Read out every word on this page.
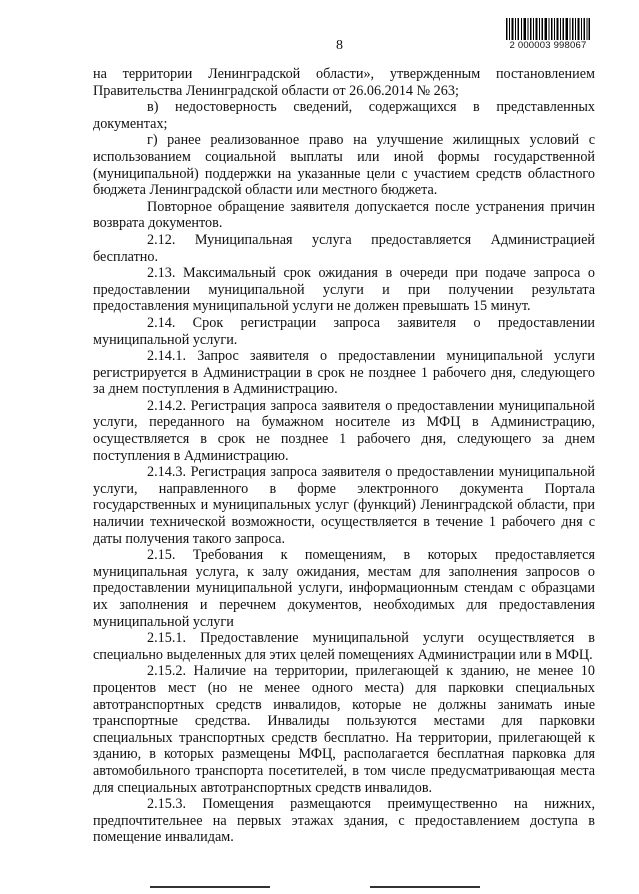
8	2 000003 998067

на территории Ленинградской области», утвержденным постановлением Правительства Ленинградской области от 26.06.2014 № 263;

в) недостоверность сведений, содержащихся в представленных документах;

г) ранее реализованное право на улучшение жилищных условий с использованием социальной выплаты или иной формы государственной (муниципальной) поддержки на указанные цели с участием средств областного бюджета Ленинградской области или местного бюджета.

Повторное обращение заявителя допускается после устранения причин возврата документов.

2.12. Муниципальная услуга предоставляется Администрацией бесплатно.

2.13. Максимальный срок ожидания в очереди при подаче запроса о предоставлении муниципальной услуги и при получении результата предоставления муниципальной услуги не должен превышать 15 минут.

2.14. Срок регистрации запроса заявителя о предоставлении муниципальной услуги.

2.14.1. Запрос заявителя о предоставлении муниципальной услуги регистрируется в Администрации в срок не позднее 1 рабочего дня, следующего за днем поступления в Администрацию.

2.14.2. Регистрация запроса заявителя о предоставлении муниципальной услуги, переданного на бумажном носителе из МФЦ в Администрацию, осуществляется в срок не позднее 1 рабочего дня, следующего за днем поступления в Администрацию.

2.14.3. Регистрация запроса заявителя о предоставлении муниципальной услуги, направленного в форме электронного документа Портала государственных и муниципальных услуг (функций) Ленинградской области, при наличии технической возможности, осуществляется в течение 1 рабочего дня с даты получения такого запроса.

2.15. Требования к помещениям, в которых предоставляется муниципальная услуга, к залу ожидания, местам для заполнения запросов о предоставлении муниципальной услуги, информационным стендам с образцами их заполнения и перечнем документов, необходимых для предоставления муниципальной услуги

2.15.1. Предоставление муниципальной услуги осуществляется в специально выделенных для этих целей помещениях Администрации или в МФЦ.

2.15.2. Наличие на территории, прилегающей к зданию, не менее 10 процентов мест (но не менее одного места) для парковки специальных автотранспортных средств инвалидов, которые не должны занимать иные транспортные средства. Инвалиды пользуются местами для парковки специальных транспортных средств бесплатно. На территории, прилегающей к зданию, в которых размещены МФЦ, располагается бесплатная парковка для автомобильного транспорта посетителей, в том числе предусматривающая места для специальных автотранспортных средств инвалидов.

2.15.3. Помещения размещаются преимущественно на нижних, предпочтительнее на первых этажах здания, с предоставлением доступа в помещение инвалидам.
